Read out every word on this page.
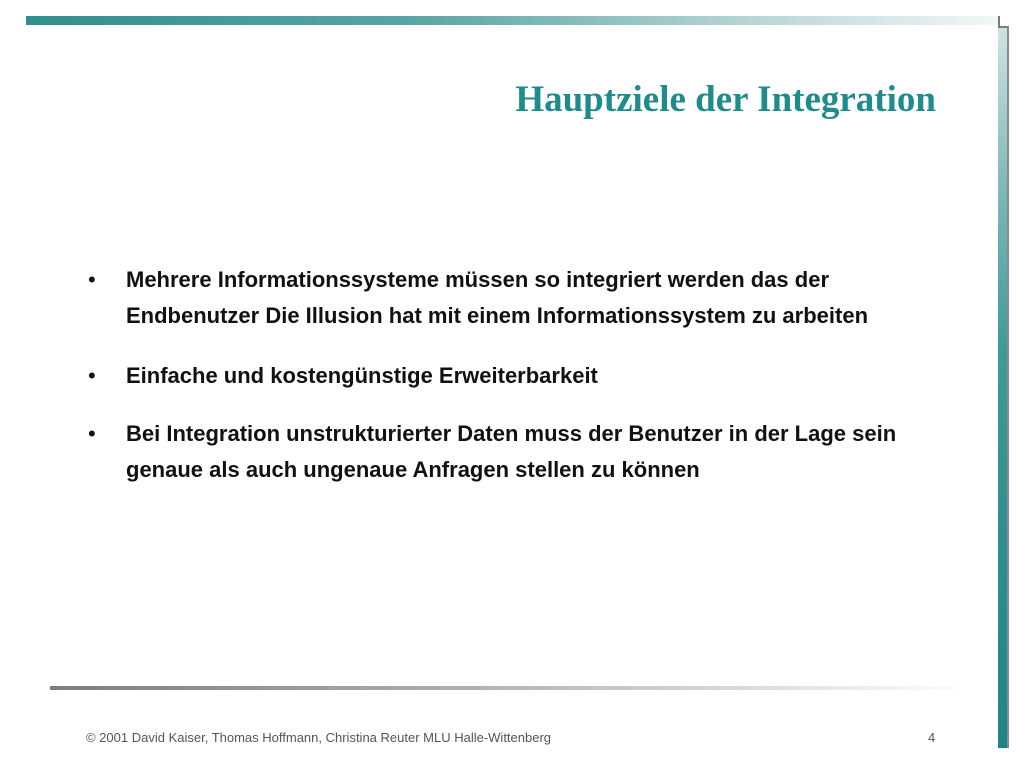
Hauptziele der Integration
•	Mehrere Informationssysteme müssen so integriert werden das der Endbenutzer Die Illusion hat mit einem Informationssystem zu arbeiten
•	Einfache und kostengünstige Erweiterbarkeit
•	Bei Integration unstrukturierter Daten muss der Benutzer in der Lage sein genaue als auch ungenaue Anfragen stellen zu können
© 2001 David Kaiser, Thomas Hoffmann, Christina Reuter MLU Halle-Wittenberg	4
